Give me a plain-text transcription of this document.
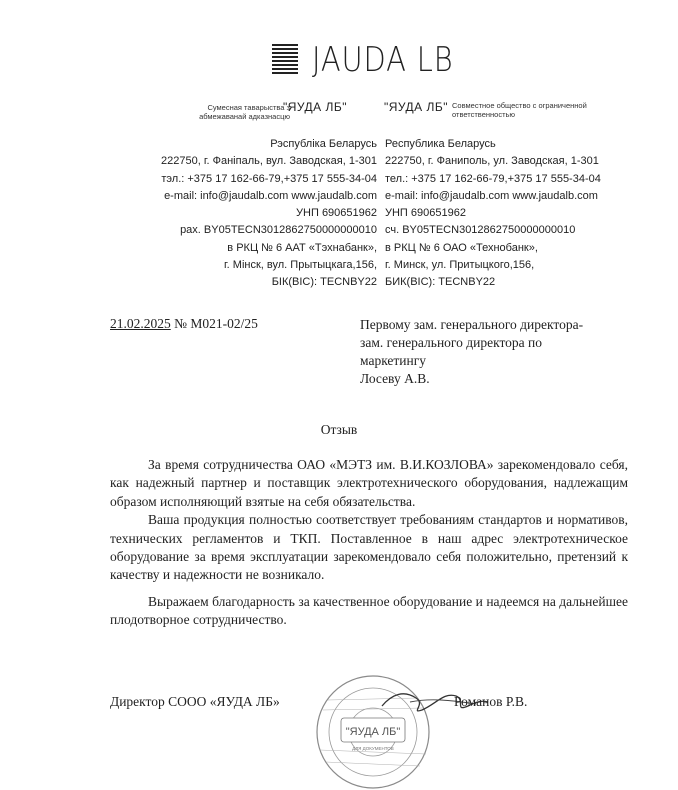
JAUDA LB
Сумесная таварыства з абмежаванай адказнасцю
"ЯУДА ЛБ"	"ЯУДА ЛБ" Совместное общество с ограниченной ответственностью
Рэспубліка Беларусь
222750, г. Фаніпаль, вул. Заводская, 1-301
тэл.: +375 17 162-66-79,+375 17 555-34-04
e-mail: info@jaudalb.com www.jaudalb.com
УНП 690651962
рах. BY05TECN3012862750000000010
в РКЦ № 6 ААТ «Тэхнабанк»,
г. Мінск, вул. Прытыцкага,156,
БІК(BIC): TECNBY22
Республика Беларусь
222750, г. Фаниполь, ул. Заводская, 1-301
тел.: +375 17 162-66-79,+375 17 555-34-04
e-mail: info@jaudalb.com www.jaudalb.com
УНП 690651962
сч. BY05TECN3012862750000000010
в РКЦ № 6 ОАО «Технобанк»,
г. Минск, ул. Притыцкого,156,
БИК(BIC): TECNBY22
21.02.2025 № М021-02/25	Первому зам. генерального директора-
зам. генерального директора по
маркетингу
Лосеву А.В.
Отзыв

За время сотрудничества ОАО «МЭТЗ им. В.И.КОЗЛОВА» зарекомендовало себя, как надежный партнер и поставщик электротехнического оборудования, надлежащим образом исполняющий взятые на себя обязательства.

Ваша продукция полностью соответствует требованиям стандартов и нормативов, технических регламентов и ТКП. Поставленное в наш адрес электротехническое оборудование за время эксплуатации зарекомендовало себя положительно, претензий к качеству и надежности не возникало.

Выражаем благодарность за качественное оборудование и надеемся на дальнейшее плодотворное сотрудничество.

"ЯУДА ЛБ"
ДЛЯ ДОКУМЕНТОВ
Директор СООО «ЯУДА ЛБ»	Романов Р.В.
